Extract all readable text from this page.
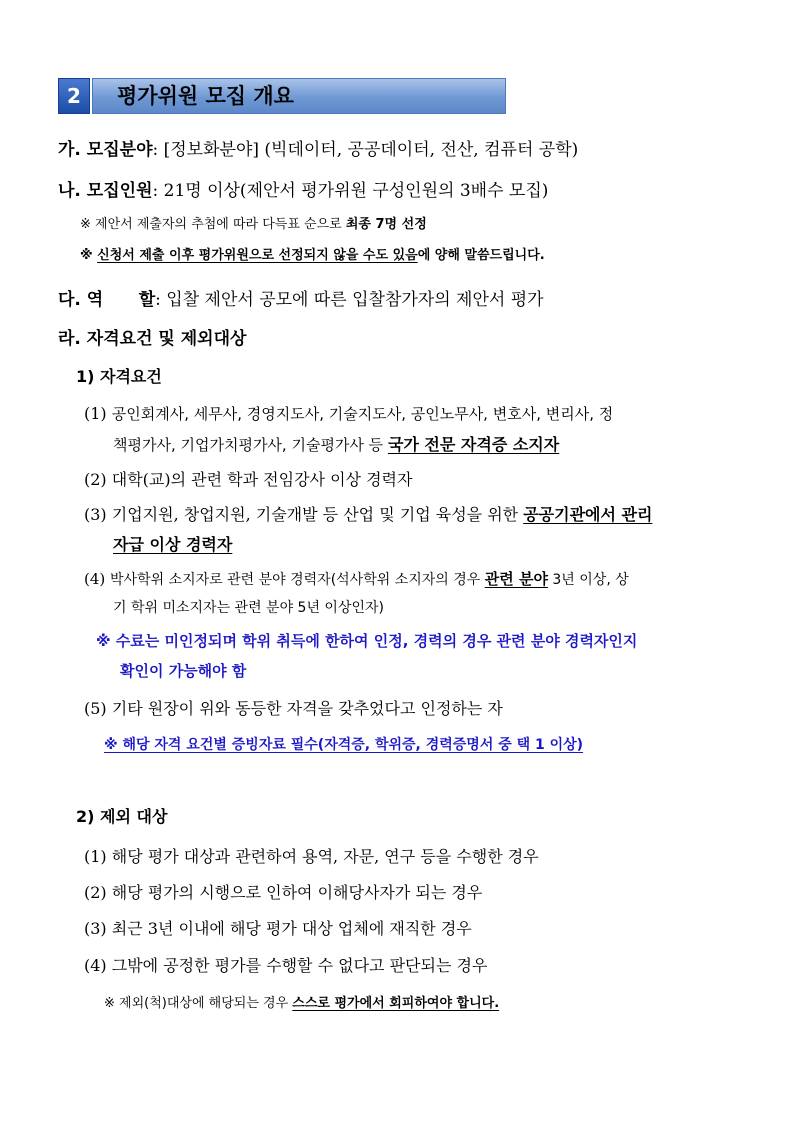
2	평가위원 모집 개요
가. 모집분야: [정보화분야] (빅데이터, 공공데이터, 전산, 컴퓨터 공학)
나. 모집인원: 21명 이상(제안서 평가위원 구성인원의 3배수 모집)
※ 제안서 제출자의 추첨에 따라 다득표 순으로 최종 7명 선정
※ 신청서 제출 이후 평가위원으로 선정되지 않을 수도 있음에 양해 말씀드립니다.
다. 역      할: 입찰 제안서 공모에 따른 입찰참가자의 제안서 평가
라. 자격요건 및 제외대상
1) 자격요건
(1) 공인회계사, 세무사, 경영지도사, 기술지도사, 공인노무사, 변호사, 변리사, 정
책평가사, 기업가치평가사, 기술평가사 등 국가 전문 자격증 소지자
(2) 대학(교)의 관련 학과 전임강사 이상 경력자
(3) 기업지원, 창업지원, 기술개발 등 산업 및 기업 육성을 위한 공공기관에서 관리
자급 이상 경력자
(4) 박사학위 소지자로 관련 분야 경력자(석사학위 소지자의 경우 관련 분야 3년 이상, 상
기 학위 미소지자는 관련 분야 5년 이상인자)
※ 수료는 미인정되며 학위 취득에 한하여 인정, 경력의 경우 관련 분야 경력자인지
확인이 가능해야 함
(5) 기타 원장이 위와 동등한 자격을 갖추었다고 인정하는 자
※ 해당 자격 요건별 증빙자료 필수(자격증, 학위증, 경력증명서 중 택 1 이상)
2) 제외 대상
(1) 해당 평가 대상과 관련하여 용역, 자문, 연구 등을 수행한 경우
(2) 해당 평가의 시행으로 인하여 이해당사자가 되는 경우
(3) 최근 3년 이내에 해당 평가 대상 업체에 재직한 경우
(4) 그밖에 공정한 평가를 수행할 수 없다고 판단되는 경우
※ 제외(척)대상에 해당되는 경우 스스로 평가에서 회피하여야 합니다.
